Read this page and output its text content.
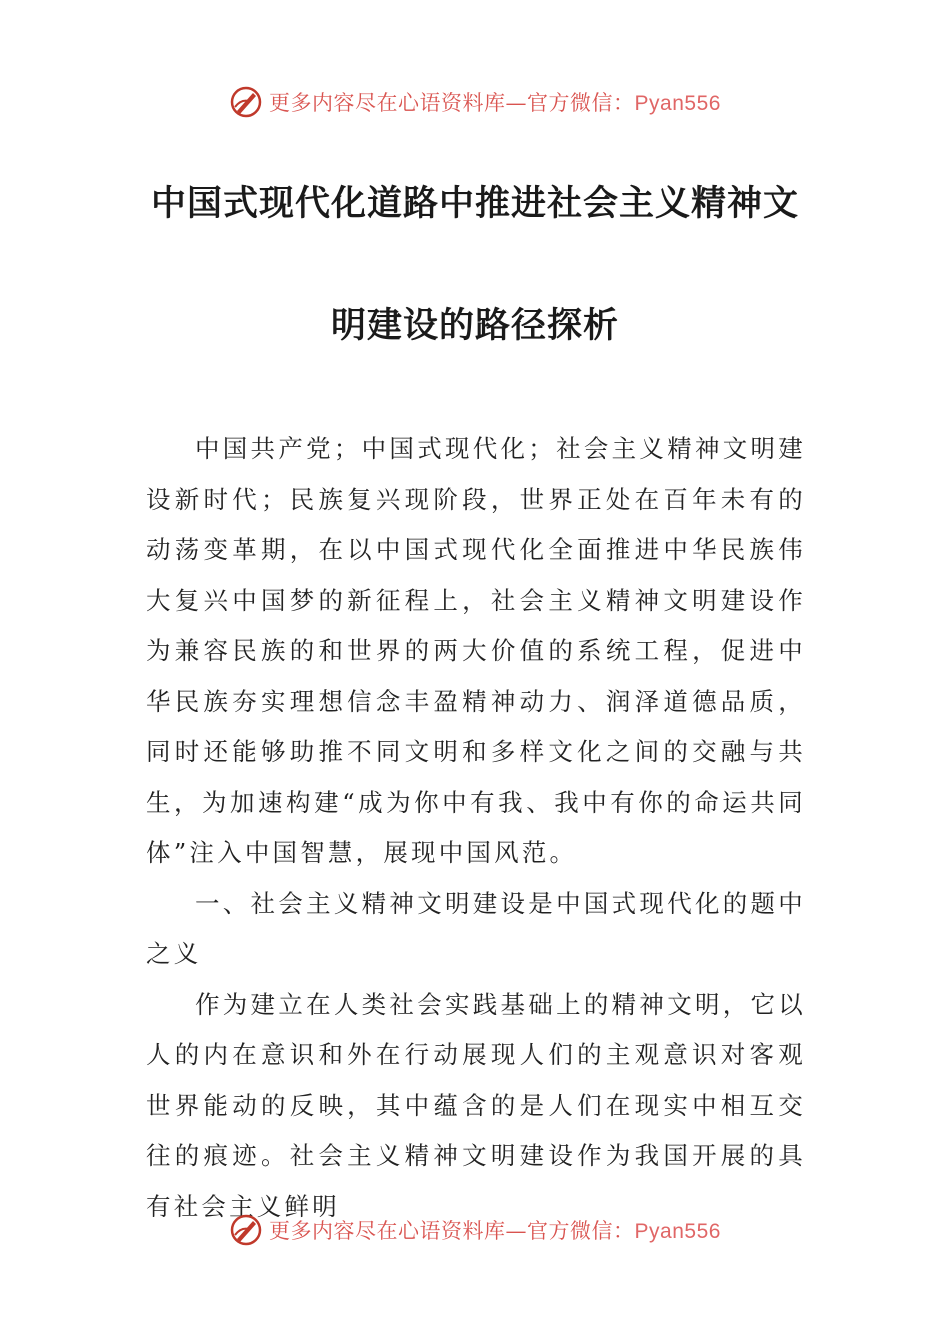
更多内容尽在心语资料库—官方微信：Pyan556
中国式现代化道路中推进社会主义精神文
明建设的路径探析

中国共产党；中国式现代化；社会主义精神文明建设新时代；民族复兴现阶段，世界正处在百年未有的动荡变革期，在以中国式现代化全面推进中华民族伟大复兴中国梦的新征程上，社会主义精神文明建设作为兼容民族的和世界的两大价值的系统工程，促进中华民族夯实理想信念丰盈精神动力、润泽道德品质，同时还能够助推不同文明和多样文化之间的交融与共生，为加速构建“成为你中有我、我中有你的命运共同体”注入中国智慧，展现中国风范。

一、社会主义精神文明建设是中国式现代化的题中之义

作为建立在人类社会实践基础上的精神文明，它以人的内在意识和外在行动展现人们的主观意识对客观世界能动的反映，其中蕴含的是人们在现实中相互交往的痕迹。社会主义精神文明建设作为我国开展的具有社会主义鲜明

更多内容尽在心语资料库—官方微信：Pyan556
